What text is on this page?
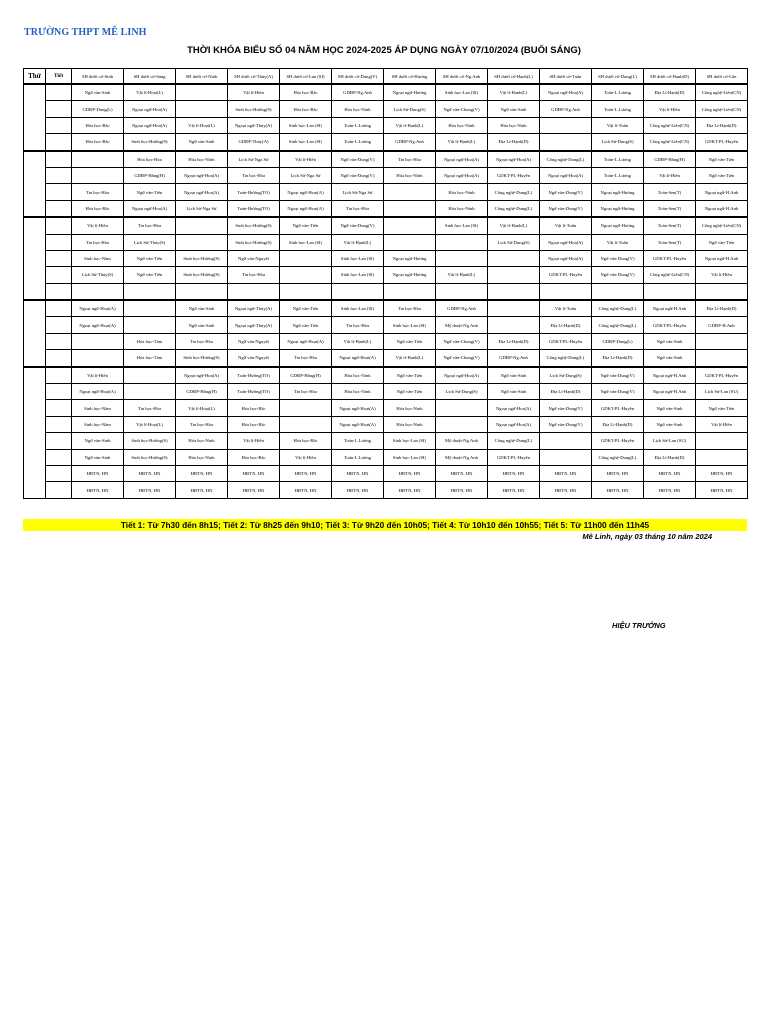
TRƯỜNG THPT MÊ LINH
THỜI KHÓA BIỂU SỐ 04 NĂM HỌC 2024-2025 ÁP DỤNG NGÀY 07/10/2024 (BUỔI SÁNG)
Thứ	Tiết	SH dưới cờ-Sinh	SH dưới cờ-Sáng	SH dưới cờ-Ninh	SH dưới cờ-Thủy(A)	SH dưới cờ-Lan (SI)	SH dưới cờ-Dung(V)	SH dưới cờ-Hương	SH dưới cờ-Ng.Anh	SH dưới cờ-Hạnh(L)	SH dưới cờ-Tuấn	SH dưới cờ-Dung(L)	SH dưới cờ-Hạnh(D)	SH dưới cờ-Lân
		Ngữ văn-Sinh	Vật lí-Hoạt(L)		Vật lí-Hiền	Hóa học-Bắc	GDĐP-Ng.Anh	Ngoại ngữ-Hương	Sinh học-Lan (SI)	Vật lí-Hạnh(L)	Ngoại ngữ-Hoa(A)	Toán-L.Lương	Địa Lí-Hạnh(D)	Công nghệ-Liên(CN)
		GDĐP-Dung(L)	Ngoại ngữ-Hoa(A)		Sinh học-Hường(S)	Hóa học-Bắc	Hóa học-Ninh	Lịch Sử-Dung(S)	Ngữ văn-Chung(V)	Ngữ văn-Sinh	GDĐP-Ng.Anh	Toán-L.Lương	Vật lí-Hiền	Công nghệ-Liên(CN)
		Hóa học-Bắc	Ngoại ngữ-Hoa(A)	Vật lí-Hoạt(L)	Ngoại ngữ-Thủy(A)	Sinh học-Lan (SI)	Toán-L.Lương	Vật lí-Hạnh(L)	Hóa học-Ninh	Hóa học-Ninh		Vật lí-Tuấn	Công nghệ-Liên(CN)	Địa Lí-Hạnh(D)
		Hóa học-Bắc	Sinh học-Hường(S)	Ngữ văn-Sinh	GDĐP-Thủy(A)	Sinh học-Lan (SI)	Toán-L.Lương	GDĐP-Ng.Anh	Vật lí-Hạnh(L)	Địa Lí-Hạnh(D)		Lịch Sử-Dung(S)	Công nghệ-Liên(CN)	GDKT-PL-Huyền
			Hóa học-Hòa	Hóa học-Ninh	Lịch Sử-Nga Sử	Vật lí-Hiền	Ngữ văn-Dung(V)	Tin học-Hòa	Ngoại ngữ-Hoa(A)	Ngoại ngữ-Hoa(A)	Công nghệ-Dung(L)	Toán-L.Lương	GDĐP-Hằng(H)	Ngữ văn-Tiến
			GDĐP-Hằng(H)	Ngoại ngữ-Hoa(A)	Tin học-Hòa	Lịch Sử-Nga Sử	Ngữ văn-Dung(V)	Hóa học-Ninh	Ngoại ngữ-Hoa(A)	GDKT-PL-Huyền	Ngoại ngữ-Hoa(A)	Toán-L.Lương	Vật lí-Hiền	Ngữ văn-Tiến
		Tin học-Hòa	Ngữ văn-Tiến	Ngoại ngữ-Hoa(A)	Toán-Hường(TO)	Ngoại ngữ-Hoạt(A)	Lịch Sử-Nga Sử		Hóa học-Ninh	Công nghệ-Dung(L)	Ngữ văn-Dung(V)	Ngoại ngữ-Hương	Toán-Sen(T)	Ngoại ngữ-H.Anh
		Hóa học-Bắc	Ngoại ngữ-Hoa(A)	Lịch Sử-Nga Sử	Toán-Hường(TO)	Ngoại ngữ-Hoạt(A)	Tin học-Hòa		Hóa học-Ninh	Công nghệ-Dung(L)	Ngữ văn-Dung(V)	Ngoại ngữ-Hương	Toán-Sen(T)	Ngoại ngữ-H.Anh
		Vật lí-Hiền	Tin học-Hòa		Sinh học-Hường(S)	Ngữ văn-Tiến	Ngữ văn-Dung(V)		Sinh học-Lan (SI)	Vật lí-Hạnh(L)	Vật lí-Tuấn	Ngoại ngữ-Hương	Toán-Sen(T)	Công nghệ-Liên(CN)
		Tin học-Hòa	Lịch Sử-Thủy(S)		Sinh học-Hường(S)	Sinh học-Lan (SI)	Vật lí-Hạnh(L)			Lịch Sử-Dung(S)	Ngoại ngữ-Hoa(A)	Vật lí-Tuấn	Toán-Sen(T)	Ngữ văn-Tiến
		Sinh học-Năm	Ngữ văn-Tiến	Sinh học-Hường(S)	Ngữ văn-Nguyệt		Sinh học-Lan (SI)	Ngoại ngữ-Hương			Ngoại ngữ-Hoa(A)	Ngữ văn-Dung(V)	GDKT-PL-Huyền	Ngoại ngữ-H.Anh
		Lịch Sử-Thủy(S)	Ngữ văn-Tiến	Sinh học-Hường(S)	Tin học-Hòa		Sinh học-Lan (SI)	Ngoại ngữ-Hương	Vật lí-Hạnh(L)		GDKT-PL-Huyền	Ngữ văn-Dung(V)	Công nghệ-Liên(CN)	Vật lí-Hiền

		Ngoại ngữ-Hoạt(A)		Ngữ văn-Sinh	Ngoại ngữ-Thủy(A)	Ngữ văn-Tiến	Sinh học-Lan (SI)	Tin học-Hòa	GDĐP-Ng.Anh		Vật lí-Tuấn	Công nghệ-Dung(L)	Ngoại ngữ-H.Anh	Địa Lí-Hạnh(D)
		Ngoại ngữ-Hoạt(A)		Ngữ văn-Sinh	Ngoại ngữ-Thủy(A)	Ngữ văn-Tiến	Tin học-Hòa	Sinh học-Lan (SI)	Mỹ thuật-Ng.Anh		Địa Lí-Hạnh(D)	Công nghệ-Dung(L)	GDKT-PL-Huyền	GDĐP-H.Anh
			Hóa học-Tâm	Tin học-Hòa	Ngữ văn-Nguyệt	Ngoại ngữ-Hoạt(A)	Vật lí-Hạnh(L)	Ngữ văn-Tiến	Ngữ văn-Chung(V)	Địa Lí-Hạnh(D)	GDKT-PL-Huyền	GDĐP-Dung(L)	Ngữ văn-Sinh	
			Hóa học-Tâm	Sinh học-Hường(S)	Ngữ văn-Nguyệt	Tin học-Hòa	Ngoại ngữ-Hoạt(A)	Vật lí-Hạnh(L)	Ngữ văn-Chung(V)	GDĐP-Ng.Anh	Công nghệ-Dung(L)	Địa Lí-Hạnh(D)	Ngữ văn-Sinh	
		Vật lí-Hiền		Ngoại ngữ-Hoa(A)	Toán-Hường(TO)	GDĐP-Hằng(H)	Hóa học-Ninh	Ngữ văn-Tiến	Ngoại ngữ-Hoa(A)	Ngữ văn-Sinh	Lịch Sử-Dung(S)	Ngữ văn-Dung(V)	Ngoại ngữ-H.Anh	GDKT-PL-Huyền
		Ngoại ngữ-Hoạt(A)		GDĐP-Hằng(H)	Toán-Hường(TO)	Tin học-Hòa	Hóa học-Ninh	Ngữ văn-Tiến	Lịch Sử-Dung(S)	Ngữ văn-Sinh	Địa Lí-Hạnh(D)	Ngữ văn-Dung(V)	Ngoại ngữ-H.Anh	Lịch Sử-Lan (SU)
		Sinh học-Năm	Tin học-Hòa	Vật lí-Hoạt(L)	Hóa học-Bắc		Ngoại ngữ-Hoạt(A)	Hóa học-Ninh		Ngoại ngữ-Hoa(A)	Ngữ văn-Dung(V)	GDKT-PL-Huyền	Ngữ văn-Sinh	Ngữ văn-Tiến
		Sinh học-Năm	Vật lí-Hoạt(L)	Tin học-Hòa	Hóa học-Bắc		Ngoại ngữ-Hoạt(A)	Hóa học-Ninh		Ngoại ngữ-Hoa(A)	Ngữ văn-Dung(V)	Địa Lí-Hạnh(D)	Ngữ văn-Sinh	Vật lí-Hiền
		Ngữ văn-Sinh	Sinh học-Hường(S)	Hóa học-Ninh	Vật lí-Hiền	Hóa học-Bắc	Toán-L.Lương	Sinh học-Lan (SI)	Mỹ thuật-Ng.Anh	Công nghệ-Dung(L)		GDKT-PL-Huyền	Lịch Sử-Lan (SU)	
		Ngữ văn-Sinh	Sinh học-Hường(S)	Hóa học-Ninh	Hóa học-Bắc	Vật lí-Hiền	Toán-L.Lương	Sinh học-Lan (SI)	Mỹ thuật-Ng.Anh	GDKT-PL-Huyền		Công nghệ-Dung(L)	Địa Lí-Hạnh(D)	
		HĐTN, HN	HĐTN, HN	HĐTN, HN	HĐTN, HN	HĐTN, HN	HĐTN, HN	HĐTN, HN	HĐTN, HN	HĐTN, HN	HĐTN, HN	HĐTN, HN	HĐTN, HN	HĐTN, HN
		HĐTN, HN	HĐTN, HN	HĐTN, HN	HĐTN, HN	HĐTN, HN	HĐTN, HN	HĐTN, HN	HĐTN, HN	HĐTN, HN	HĐTN, HN	HĐTN, HN	HĐTN, HN	HĐTN, HN
Tiết 1: Từ 7h30 đến 8h15; Tiết 2: Từ 8h25 đến 9h10; Tiết 3: Từ 9h20 đến 10h05; Tiết 4: Từ 10h10 đến 10h55; Tiết 5: Từ 11h00 đến 11h45
Mê Linh, ngày 03 tháng 10 năm 2024
HIỆU TRƯỞNG
